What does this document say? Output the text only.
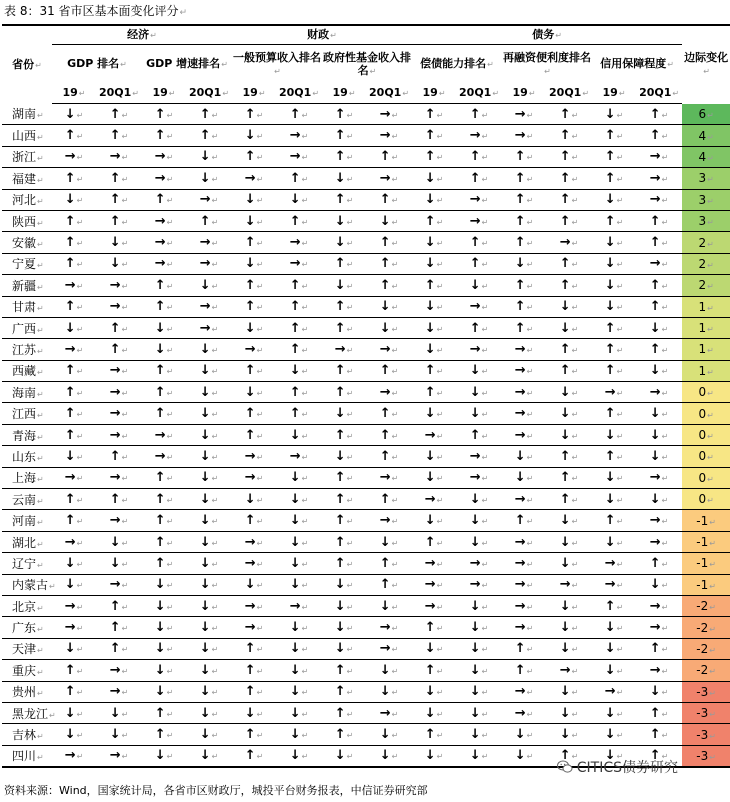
表 8：31 省市区基本面变化评分↵
省份↵	经济↵				财政↵				债务↵						边际变化↵
	GDP 排名↵		GDP 增速排名↵		一般预算收入排名↵		政府性基金收入排名↵		偿债能力排名↵		再融资便利度排名↵		信用保障程度↵		
	19↵	20Q1↵	19↵	20Q1↵	19↵	20Q1↵	19↵	20Q1↵	19↵	20Q1↵	19↵	20Q1↵	19↵	20Q1↵	
湖南↵	↓↵	↑↵	↑↵	↑↵	↑↵	↑↵	↑↵	→↵	↑↵	↑↵	→↵	↑↵	↓↵	↑↵	6↵
山西↵	↑↵	↑↵	↑↵	↑↵	↓↵	→↵	↑↵	→↵	↑↵	→↵	→↵	↑↵	↑↵	↑↵	4↵
浙江↵	→↵	→↵	→↵	↓↵	↑↵	→↵	↑↵	↑↵	↑↵	↑↵	↑↵	↑↵	↑↵	→↵	4↵
福建↵	↑↵	↑↵	→↵	↓↵	→↵	↑↵	↓↵	→↵	↓↵	↑↵	↑↵	↑↵	↑↵	→↵	3↵
河北↵	↓↵	↑↵	↑↵	→↵	↓↵	↓↵	↑↵	↑↵	↓↵	→↵	↑↵	↑↵	↓↵	→↵	3↵
陕西↵	↑↵	↑↵	→↵	↑↵	↓↵	↑↵	↓↵	↓↵	↑↵	→↵	↑↵	↑↵	↑↵	↑↵	3↵
安徽↵	↑↵	↓↵	→↵	→↵	↑↵	→↵	↓↵	↑↵	↓↵	↑↵	↑↵	→↵	↓↵	↑↵	2↵
宁夏↵	↑↵	↓↵	→↵	→↵	↓↵	→↵	↑↵	↑↵	↓↵	↑↵	↓↵	↑↵	↓↵	→↵	2↵
新疆↵	→↵	→↵	↑↵	↓↵	↑↵	↑↵	↓↵	↑↵	↑↵	↓↵	↑↵	↑↵	↓↵	↑↵	2↵
甘肃↵	↑↵	→↵	↑↵	→↵	↑↵	↑↵	↑↵	↓↵	↓↵	→↵	↑↵	↓↵	↓↵	↑↵	1↵
广西↵	↓↵	↑↵	↓↵	→↵	↓↵	↑↵	↑↵	↓↵	↓↵	↑↵	↑↵	↓↵	↑↵	↓↵	1↵
江苏↵	→↵	↑↵	↓↵	↓↵	→↵	↑↵	→↵	→↵	↓↵	→↵	→↵	↑↵	↑↵	↑↵	1↵
西藏↵	↑↵	→↵	↑↵	↓↵	↑↵	↓↵	↑↵	↑↵	↑↵	↓↵	→↵	↑↵	↑↵	↓↵	1↵
海南↵	↑↵	→↵	↑↵	↓↵	↓↵	↑↵	↑↵	→↵	↑↵	↓↵	→↵	↓↵	→↵	→↵	0↵
江西↵	↑↵	→↵	↑↵	↓↵	↑↵	↑↵	↓↵	↑↵	↓↵	↓↵	→↵	↓↵	↑↵	↓↵	0↵
青海↵	↑↵	→↵	→↵	↓↵	↑↵	↓↵	↑↵	↑↵	→↵	↑↵	→↵	↓↵	↓↵	↓↵	0↵
山东↵	↓↵	↑↵	→↵	↓↵	→↵	→↵	↓↵	↑↵	↓↵	→↵	↓↵	↑↵	↑↵	↓↵	0↵
上海↵	→↵	→↵	↑↵	↓↵	→↵	↓↵	↑↵	→↵	↓↵	→↵	↓↵	↑↵	↓↵	→↵	0↵
云南↵	↑↵	↑↵	↑↵	↓↵	↓↵	↓↵	↑↵	↑↵	→↵	↓↵	→↵	↑↵	↓↵	↓↵	0↵
河南↵	↑↵	→↵	↑↵	↓↵	↑↵	↓↵	↑↵	→↵	↓↵	↓↵	↑↵	↓↵	↑↵	→↵	-1↵
湖北↵	→↵	↓↵	↑↵	↓↵	→↵	↓↵	↑↵	↓↵	↑↵	↓↵	→↵	↓↵	↓↵	→↵	-1↵
辽宁↵	↓↵	↓↵	↑↵	↓↵	→↵	↓↵	↑↵	↑↵	→↵	→↵	→↵	↓↵	→↵	↑↵	-1↵
内蒙古↵	↓↵	→↵	↓↵	↓↵	↓↵	↓↵	↓↵	↑↵	→↵	→↵	→↵	→↵	→↵	↓↵	-1↵
北京↵	→↵	↑↵	↓↵	↓↵	→↵	→↵	↓↵	↓↵	→↵	↓↵	→↵	↓↵	↑↵	→↵	-2↵
广东↵	→↵	↑↵	↓↵	↓↵	→↵	↓↵	↓↵	→↵	↑↵	↓↵	→↵	↓↵	↓↵	→↵	-2↵
天津↵	↓↵	↑↵	↓↵	↓↵	↑↵	↓↵	↓↵	→↵	↓↵	↓↵	↑↵	↓↵	↓↵	↑↵	-2↵
重庆↵	↑↵	→↵	↓↵	↓↵	↑↵	↓↵	↑↵	↓↵	↑↵	↓↵	↑↵	→↵	↓↵	→↵	-2↵
贵州↵	↑↵	→↵	↓↵	↓↵	↑↵	↓↵	↑↵	↓↵	↓↵	↓↵	→↵	↓↵	→↵	↓↵	-3↵
黑龙江↵	↓↵	↓↵	↑↵	↓↵	↓↵	↓↵	↑↵	→↵	↓↵	↓↵	→↵	↓↵	↓↵	↑↵	-3↵
吉林↵	↓↵	↓↵	↑↵	↓↵	↑↵	↓↵	↑↵	↓↵	↑↵	↓↵	↓↵	↓↵	↓↵	↑↵	-3↵
四川↵	→↵	→↵	↓↵	↓↵	↑↵	↓↵	↓↵	↓↵	↓↵	↓↵	↓↵	↑↵	↓↵	↑↵	-3↵
CITICS债券研究
资料来源：Wind，国家统计局，各省市区财政厅，城投平台财务报表，中信证券研究部
